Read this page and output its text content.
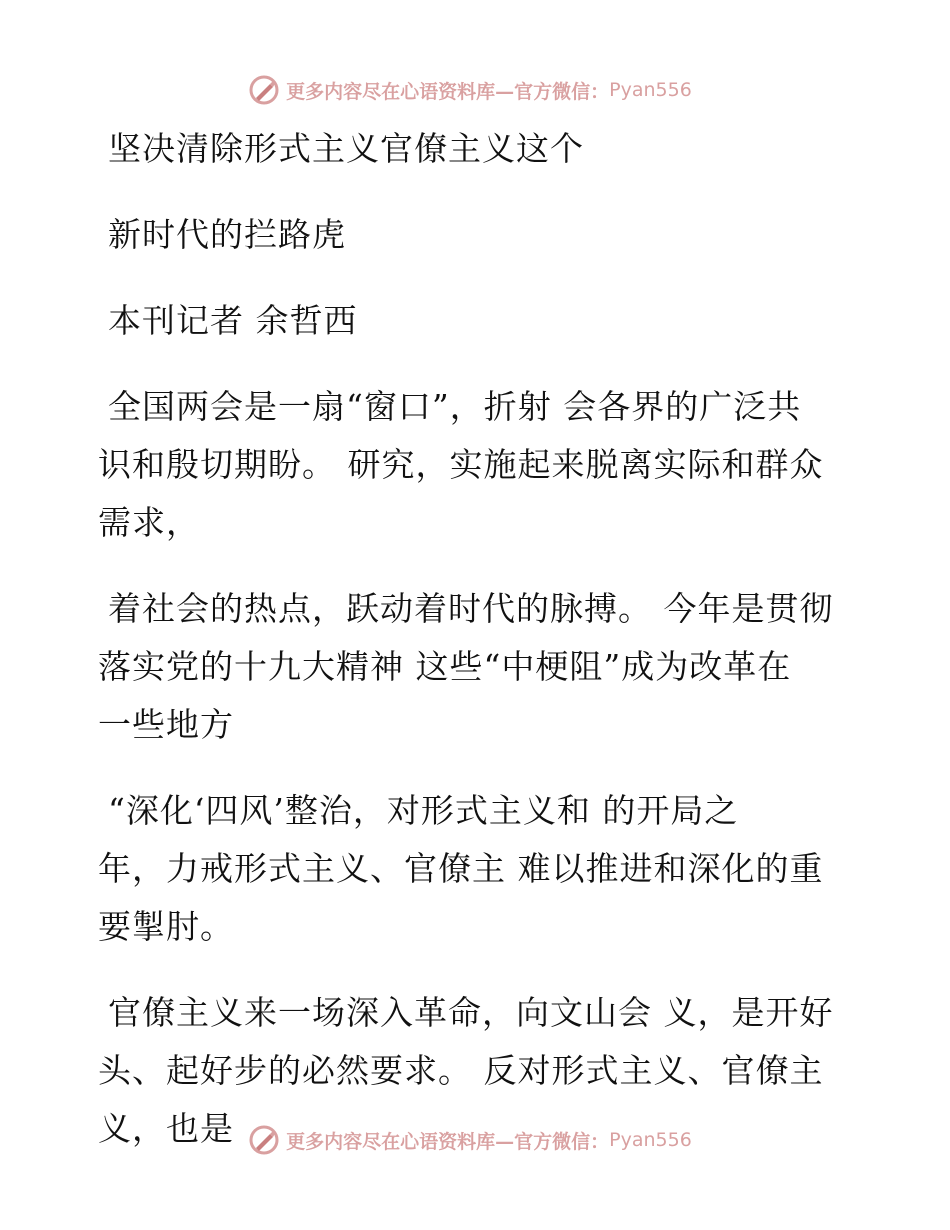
更多内容尽在心语资料库—官方微信： Pyan556
坚决清除形式主义官僚主义这个
新时代的拦路虎
本刊记者 余哲西
全国两会是一扇“窗口”，折射 会各界的广泛共
识和殷切期盼。 研究，实施起来脱离实际和群众
需求，
着社会的热点，跃动着时代的脉搏。 今年是贯彻
落实党的十九大精神 这些“中梗阻”成为改革在
一些地方
“深化‘四风’整治，对形式主义和 的开局之
年，力戒形式主义、官僚主 难以推进和深化的重
要掣肘。
官僚主义来一场深入革命，向文山会 义，是开好
头、起好步的必然要求。 反对形式主义、官僚主
义，也是	更多内容尽在心语资料库—官方微信： Pyan556
